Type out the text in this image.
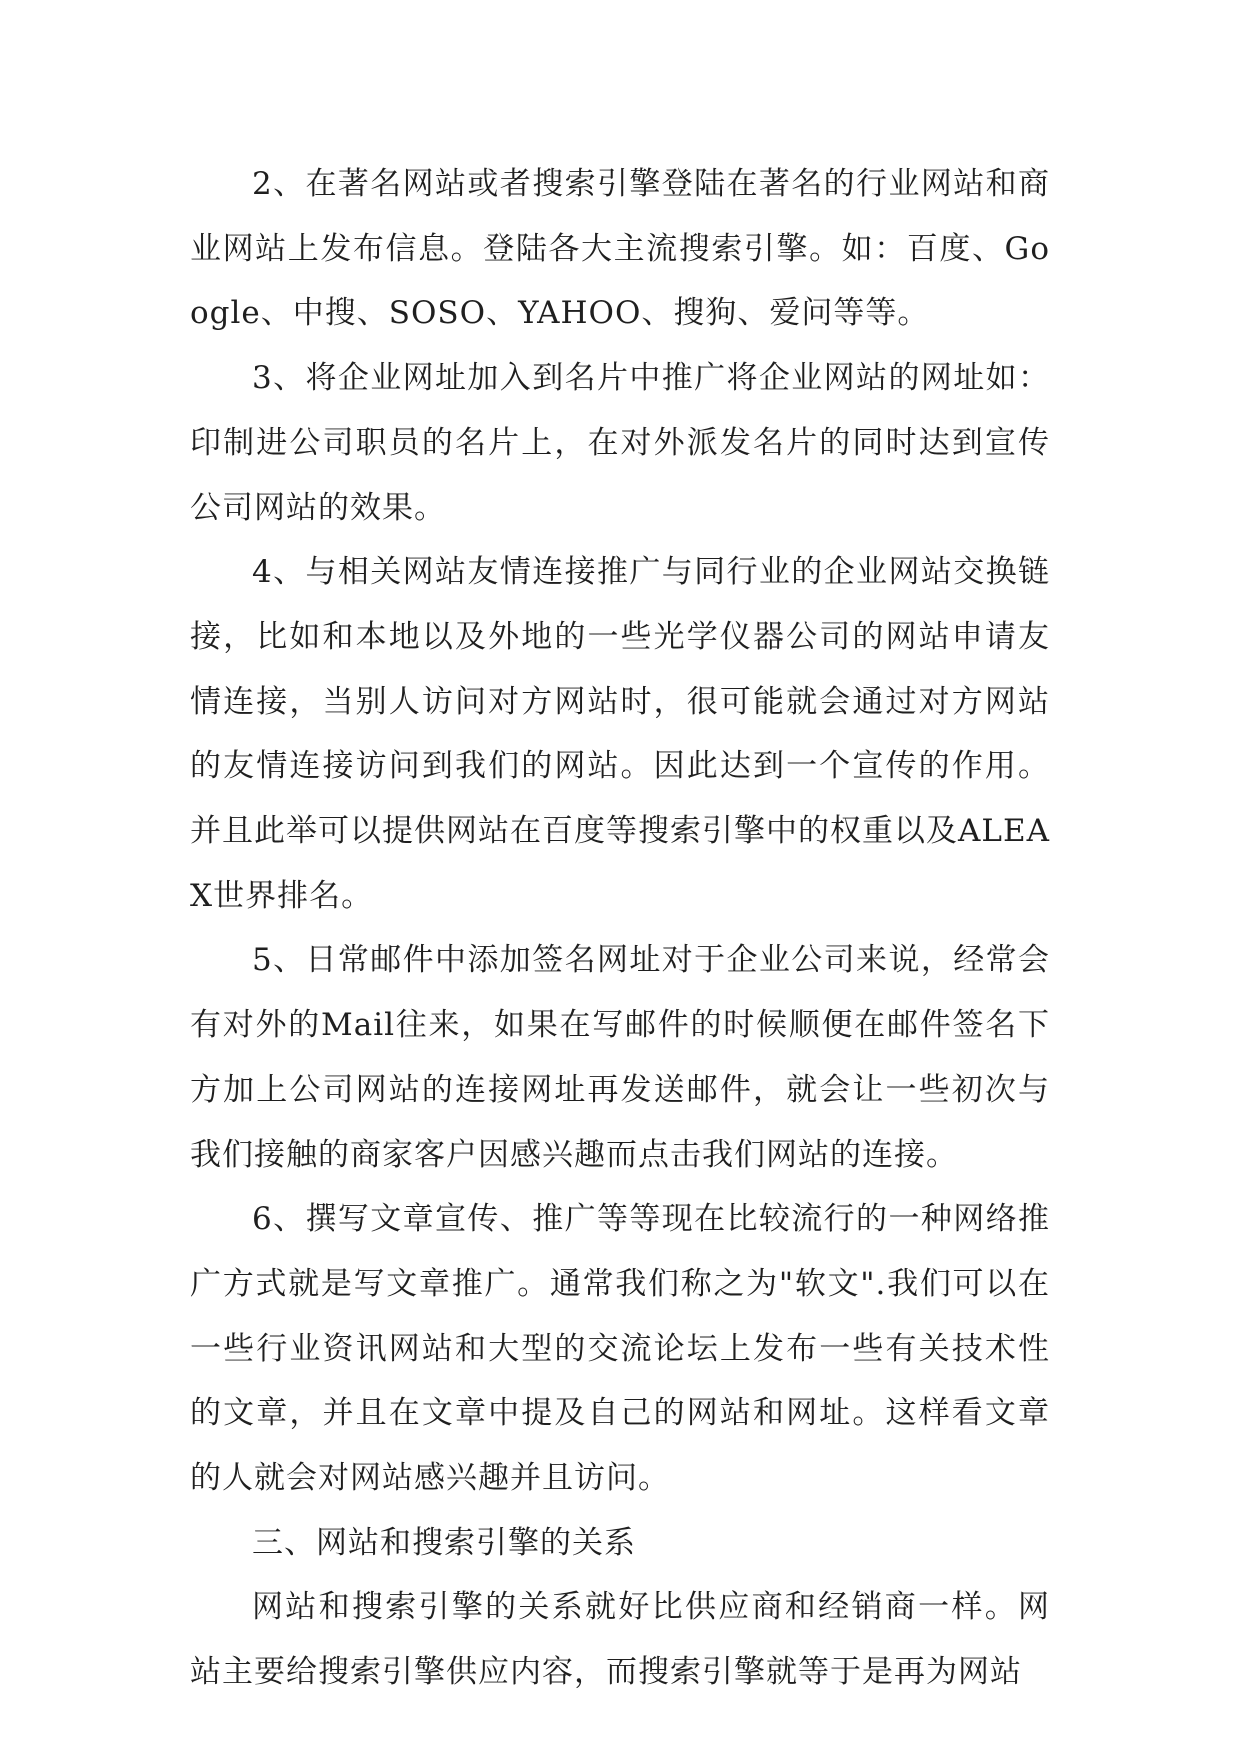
2、在著名网站或者搜索引擎登陆在著名的行业网站和商业网站上发布信息。登陆各大主流搜索引擎。如：百度、Google、中搜、SOSO、YAHOO、搜狗、爱问等等。

3、将企业网址加入到名片中推广将企业网站的网址如：印制进公司职员的名片上，在对外派发名片的同时达到宣传公司网站的效果。

4、与相关网站友情连接推广与同行业的企业网站交换链接，比如和本地以及外地的一些光学仪器公司的网站申请友情连接，当别人访问对方网站时，很可能就会通过对方网站的友情连接访问到我们的网站。因此达到一个宣传的作用。并且此举可以提供网站在百度等搜索引擎中的权重以及ALEAX世界排名。

5、日常邮件中添加签名网址对于企业公司来说，经常会有对外的Mail往来，如果在写邮件的时候顺便在邮件签名下方加上公司网站的连接网址再发送邮件，就会让一些初次与我们接触的商家客户因感兴趣而点击我们网站的连接。

6、撰写文章宣传、推广等等现在比较流行的一种网络推广方式就是写文章推广。通常我们称之为"软文".我们可以在一些行业资讯网站和大型的交流论坛上发布一些有关技术性的文章，并且在文章中提及自己的网站和网址。这样看文章的人就会对网站感兴趣并且访问。

三、网站和搜索引擎的关系

网站和搜索引擎的关系就好比供应商和经销商一样。网站主要给搜索引擎供应内容，而搜索引擎就等于是再为网站
